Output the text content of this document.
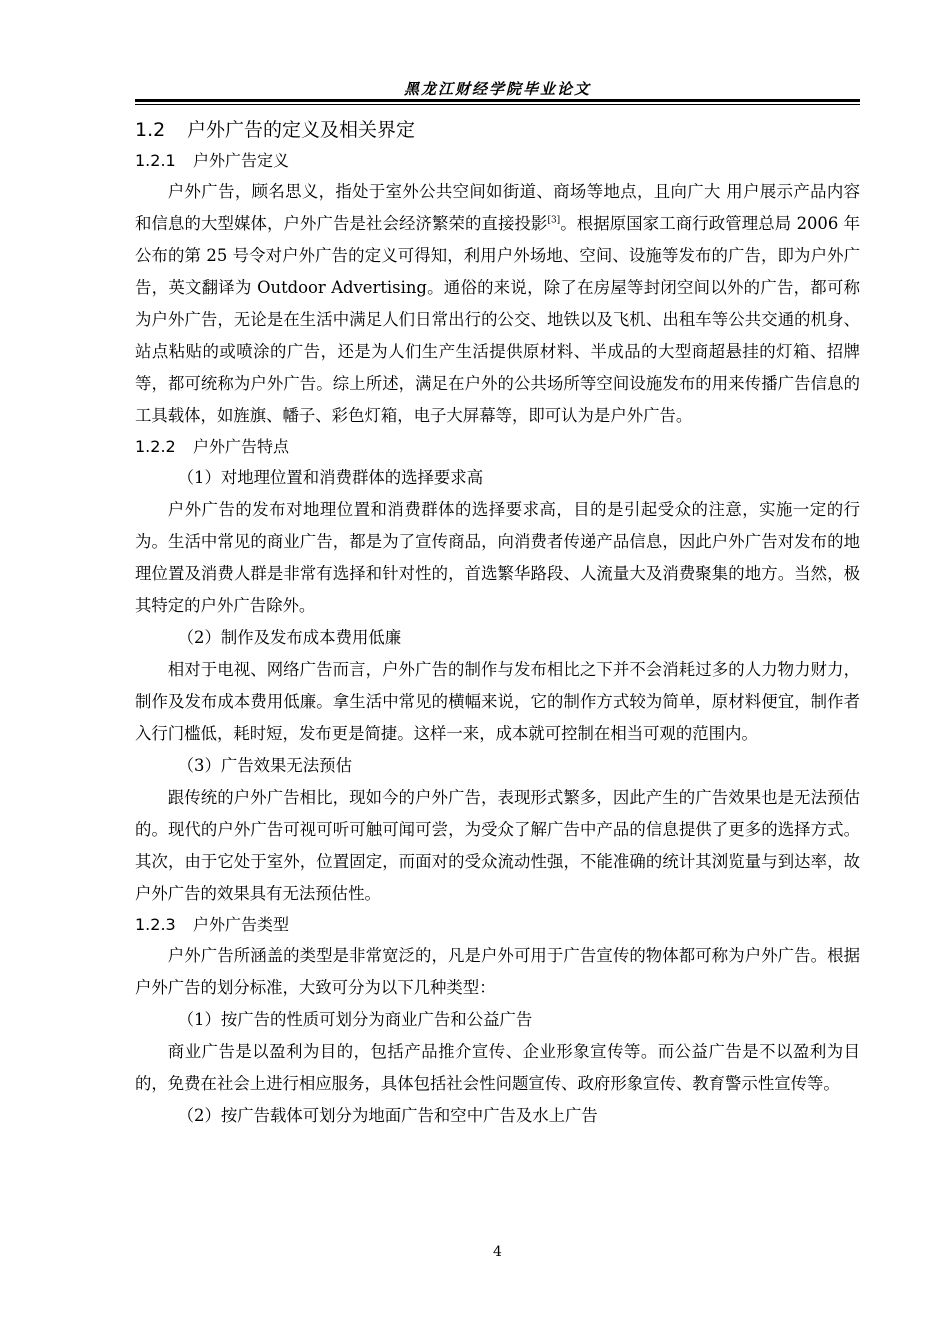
黑龙江财经学院毕业论文
1.2 户外广告的定义及相关界定
1.2.1 户外广告定义

户外广告，顾名思义，指处于室外公共空间如街道、商场等地点，且向广大 用户展示产品内容和信息的大型媒体，户外广告是社会经济繁荣的直接投影[3]。根据原国家工商行政管理总局 2006 年公布的第 25 号令对户外广告的定义可得知，利用户外场地、空间、设施等发布的广告，即为户外广告，英文翻译为 Outdoor Advertising。通俗的来说，除了在房屋等封闭空间以外的广告，都可称为户外广告，无论是在生活中满足人们日常出行的公交、地铁以及飞机、出租车等公共交通的机身、站点粘贴的或喷涂的广告，还是为人们生产生活提供原材料、半成品的大型商超悬挂的灯箱、招牌等，都可统称为户外广告。综上所述，满足在户外的公共场所等空间设施发布的用来传播广告信息的工具载体，如旌旗、幡子、彩色灯箱，电子大屏幕等，即可认为是户外广告。

1.2.2 户外广告特点

（1）对地理位置和消费群体的选择要求高

户外广告的发布对地理位置和消费群体的选择要求高，目的是引起受众的注意，实施一定的行为。生活中常见的商业广告，都是为了宣传商品，向消费者传递产品信息，因此户外广告对发布的地理位置及消费人群是非常有选择和针对性的，首选繁华路段、人流量大及消费聚集的地方。当然，极其特定的户外广告除外。

（2）制作及发布成本费用低廉

相对于电视、网络广告而言，户外广告的制作与发布相比之下并不会消耗过多的人力物力财力，制作及发布成本费用低廉。拿生活中常见的横幅来说，它的制作方式较为简单，原材料便宜，制作者入行门槛低，耗时短，发布更是简捷。这样一来，成本就可控制在相当可观的范围内。

（3）广告效果无法预估

跟传统的户外广告相比，现如今的户外广告，表现形式繁多，因此产生的广告效果也是无法预估的。现代的户外广告可视可听可触可闻可尝，为受众了解广告中产品的信息提供了更多的选择方式。其次，由于它处于室外，位置固定，而面对的受众流动性强，不能准确的统计其浏览量与到达率，故户外广告的效果具有无法预估性。

1.2.3 户外广告类型

户外广告所涵盖的类型是非常宽泛的，凡是户外可用于广告宣传的物体都可称为户外广告。根据户外广告的划分标准，大致可分为以下几种类型：

（1）按广告的性质可划分为商业广告和公益广告

商业广告是以盈利为目的，包括产品推介宣传、企业形象宣传等。而公益广告是不以盈利为目的，免费在社会上进行相应服务，具体包括社会性问题宣传、政府形象宣传、教育警示性宣传等。

（2）按广告载体可划分为地面广告和空中广告及水上广告

4
